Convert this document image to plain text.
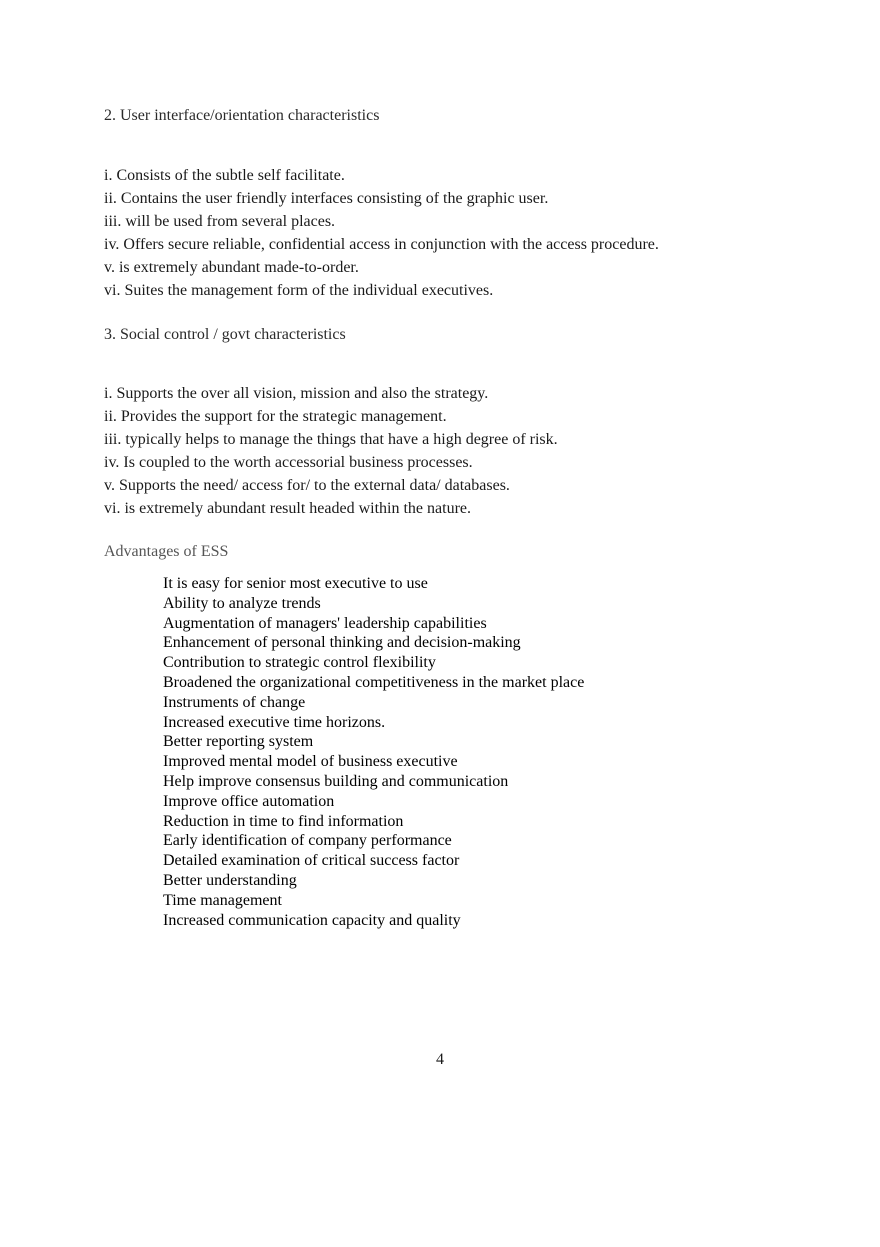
2. User interface/orientation characteristics
i. Consists of the subtle self facilitate.
ii. Contains the user friendly interfaces consisting of the graphic user.
iii. will be used from several places.
iv. Offers secure reliable, confidential access in conjunction with the access procedure.
v. is extremely abundant made-to-order.
vi. Suites the management form of the individual executives.
3. Social control / govt characteristics
i. Supports the over all vision, mission and also the strategy.
ii. Provides the support for the strategic management.
iii. typically helps to manage the things that have a high degree of risk.
iv. Is coupled to the worth accessorial business processes.
v. Supports the need/ access for/ to the external data/ databases.
vi. is extremely abundant result headed within the nature.
Advantages of ESS
It is easy for senior most executive to use
Ability to analyze trends
Augmentation of managers' leadership capabilities
Enhancement of personal thinking and decision-making
Contribution to strategic control flexibility
Broadened the organizational competitiveness in the market place
Instruments of change
Increased executive time horizons.
Better reporting system
Improved mental model of business executive
Help improve consensus building and communication
Improve office automation
Reduction in time to find information
Early identification of company performance
Detailed examination of critical success factor
Better understanding
Time management
Increased communication capacity and quality
4
